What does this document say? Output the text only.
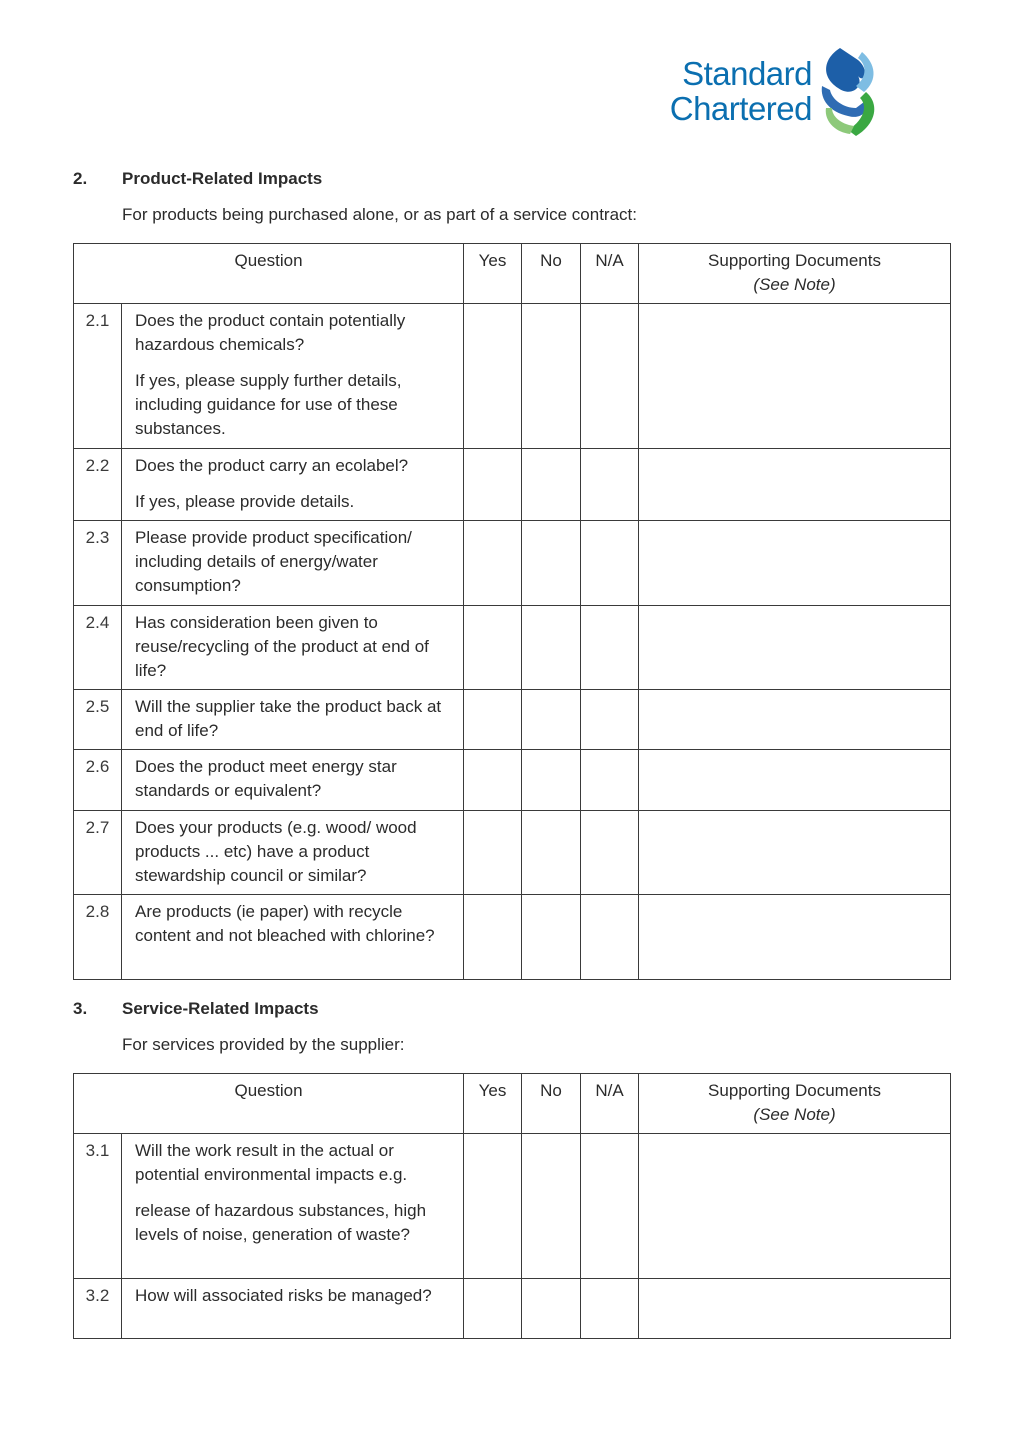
Standard
Chartered
2. Product-Related Impacts
For products being purchased alone, or as part of a service contract:
Question		Yes	No	N/A	Supporting Documents
(See Note)

2.1	Does the product contain potentially hazardous chemicals?

If yes, please supply further details, including guidance for use of these substances.				

2.2	Does the product carry an ecolabel?

If yes, please provide details.				

2.3	Please provide product specification/ including details of energy/water consumption?				

2.4	Has consideration been given to reuse/recycling of the product at end of life?				

2.5	Will the supplier take the product back at end of life?				

2.6	Does the product meet energy star standards or equivalent?				

2.7	Does your products (e.g. wood/ wood products ... etc) have a product stewardship council or similar?				

2.8	Are products (ie paper) with recycle content and not bleached with chlorine?				

3. Service-Related Impacts
For services provided by the supplier:
Question		Yes	No	N/A	Supporting Documents
(See Note)

3.1	Will the work result in the actual or potential environmental impacts e.g.

release of hazardous substances, high levels of noise, generation of waste?				

3.2	How will associated risks be managed?				
